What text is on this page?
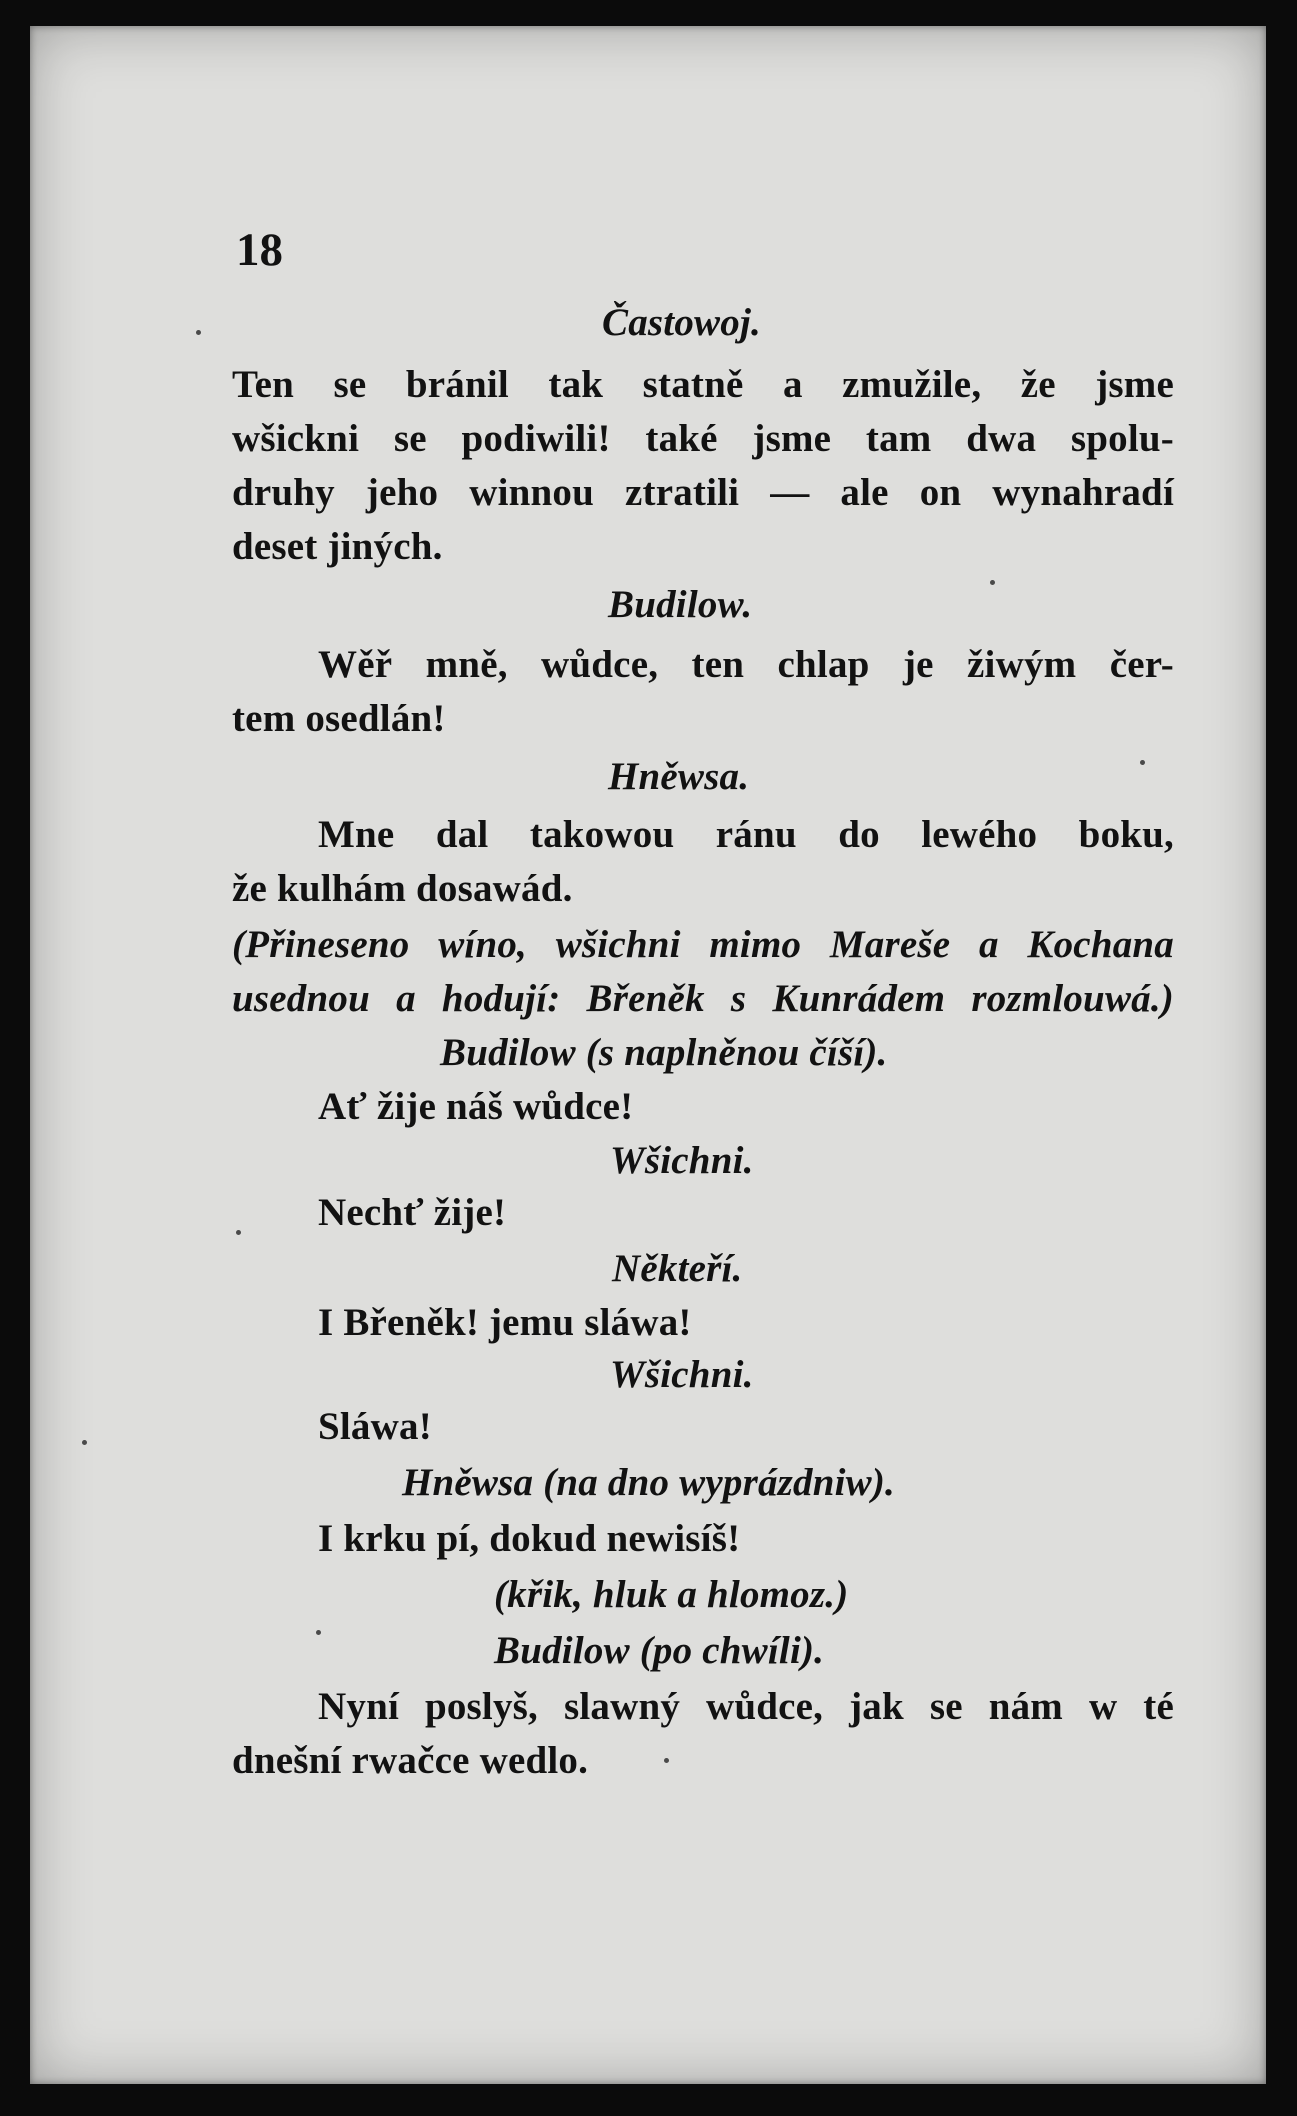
18
Častowoj.
Ten se bránil tak statně a zmužile, že jsme
wšickni se podiwili! také jsme tam dwa spolu-
druhy jeho winnou ztratili — ale on wynahradí
deset jiných.
Budilow.
Wěř mně, wůdce, ten chlap je žiwým čer-
tem osedlán!
Hněwsa.
Mne dal takowou ránu do lewého boku,
že kulhám dosawád.
(Přineseno wíno, wšichni mimo Mareše a Kochana
usednou a hodují: Břeněk s Kunrádem rozmlouwá.)
Budilow (s naplněnou číší).
Ať žije náš wůdce!
Wšichni.
Nechť žije!
Někteří.
I Břeněk! jemu sláwa!
Wšichni.
Sláwa!
Hněwsa (na dno wyprázdniw).
I krku pí, dokud newisíš!
(křik, hluk a hlomoz.)
Budilow (po chwíli).
Nyní poslyš, slawný wůdce, jak se nám w té
dnešní rwačce wedlo.
